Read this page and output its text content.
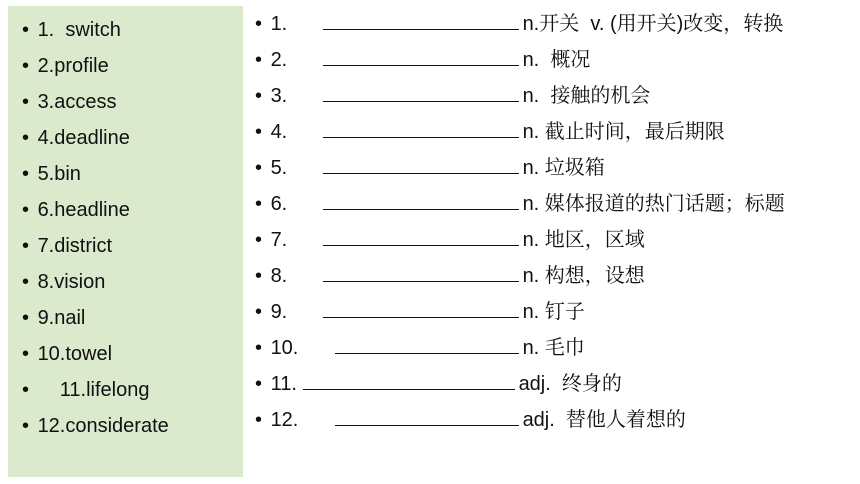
• 1.  switch
• 2.profile
• 3.access
• 4.deadline
• 5.bin
• 6.headline
• 7.district
• 8.vision
• 9.nail
• 10.towel
•     11.lifelong
• 12.considerate
• 1.	n.开关  v. (用开关)改变，转换
• 2.	n.  概况
• 3.	n.  接触的机会
• 4.	n. 截止时间，最后期限
• 5.	n. 垃圾箱
• 6.	n. 媒体报道的热门话题；标题
• 7.	n. 地区，区域
• 8.	n. 构想，设想
• 9.	n. 钉子
• 10.	n. 毛巾
• 11.	adj.  终身的
• 12.	adj.  替他人着想的
